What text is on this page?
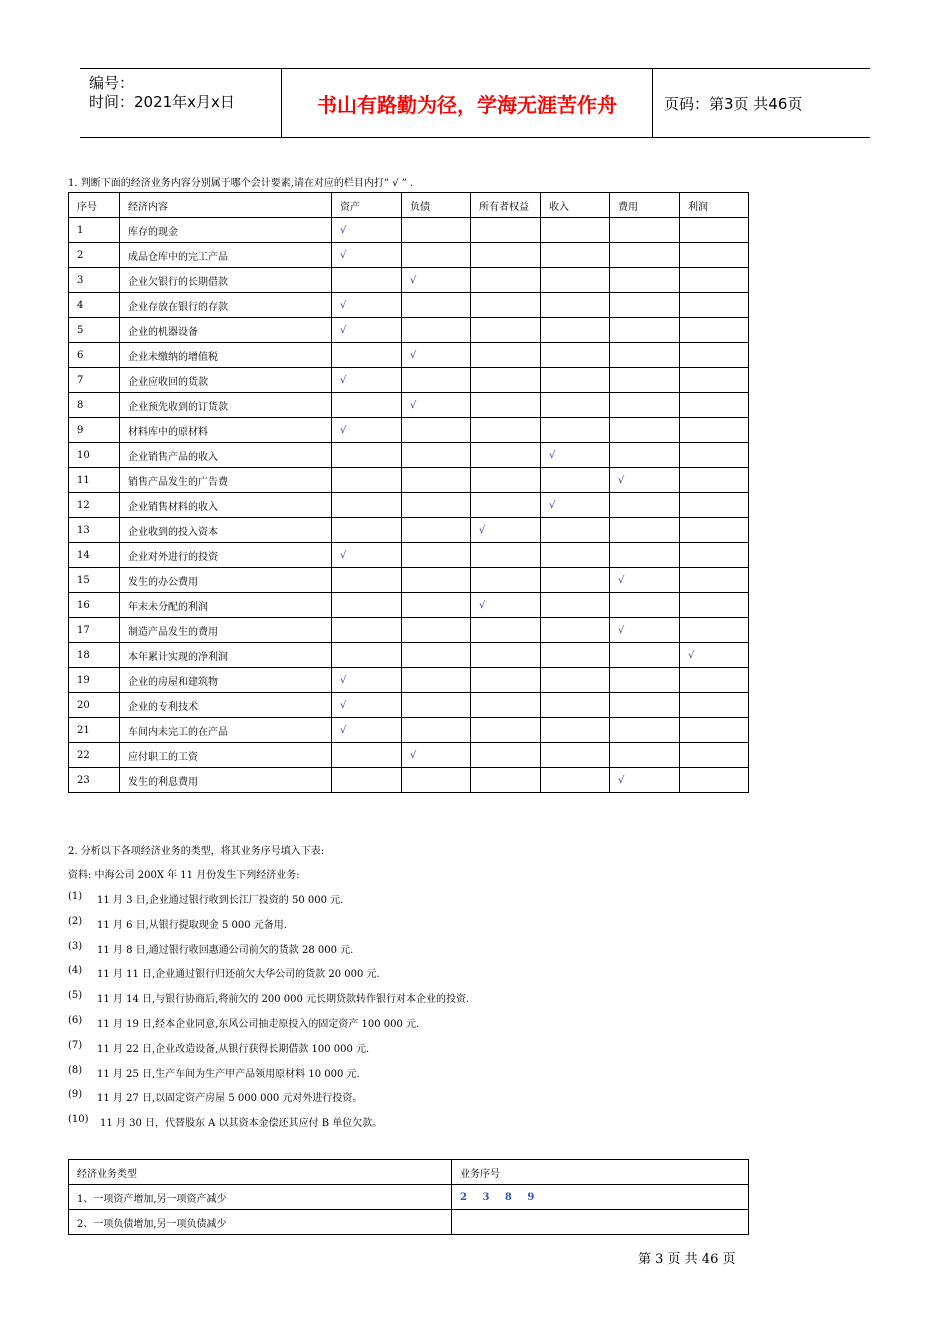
编号：
时间：2021年x月x日	书山有路勤为径，学海无涯苦作舟	页码：第3页 共46页
1. 判断下面的经济业务内容分别属于哪个会计要素,请在对应的栏目内打” √ ” .
序号	经济内容	资产	负债	所有者权益	收入	费用	利润
1	库存的现金	√					
2	成品仓库中的完工产品	√					
3	企业欠银行的长期借款		√				
4	企业存放在银行的存款	√					
5	企业的机器设备	√					
6	企业未缴纳的增值税		√				
7	企业应收回的货款	√					
8	企业预先收到的订货款		√				
9	材料库中的原材料	√					
10	企业销售产品的收入				√		
11	销售产品发生的广告费					√	
12	企业销售材料的收入				√		
13	企业收到的投入资本			√			
14	企业对外进行的投资	√					
15	发生的办公费用					√	
16	年末未分配的利润			√			
17	制造产品发生的费用					√	
18	本年累计实现的净利润						√
19	企业的房屋和建筑物	√					
20	企业的专利技术	√					
21	车间内未完工的在产品	√					
22	应付职工的工资		√				
23	发生的利息费用					√	
2. 分析以下各项经济业务的类型，将其业务序号填入下表:
资料: 中海公司 200X 年 11 月份发生下列经济业务:
(1) 11 月 3 日,企业通过银行收到长江厂投资的 50 000 元.
(2) 11 月 6 日,从银行提取现金 5 000 元备用.
(3) 11 月 8 日,通过银行收回惠通公司前欠的货款 28 000 元.
(4) 11 月 11 日,企业通过银行归还前欠大华公司的货款 20 000 元.
(5) 11 月 14 日,与银行协商后,将前欠的 200 000 元长期贷款转作银行对本企业的投资.
(6) 11 月 19 日,经本企业同意,东风公司抽走原投入的固定资产 100 000 元.
(7) 11 月 22 日,企业改造设备,从银行获得长期借款 100 000 元.
(8) 11 月 25 日,生产车间为生产甲产品领用原材料 10 000 元.
(9) 11 月 27 日,以固定资产房屋 5 000 000 元对外进行投资。
(10) 11 月 30 日，代替股东 A 以其资本金偿还其应付 B 单位欠款。
经济业务类型	业务序号
1、一项资产增加,另一项资产减少	2 3 8 9
2、一项负债增加,另一项负债减少	
第 3 页 共 46 页
